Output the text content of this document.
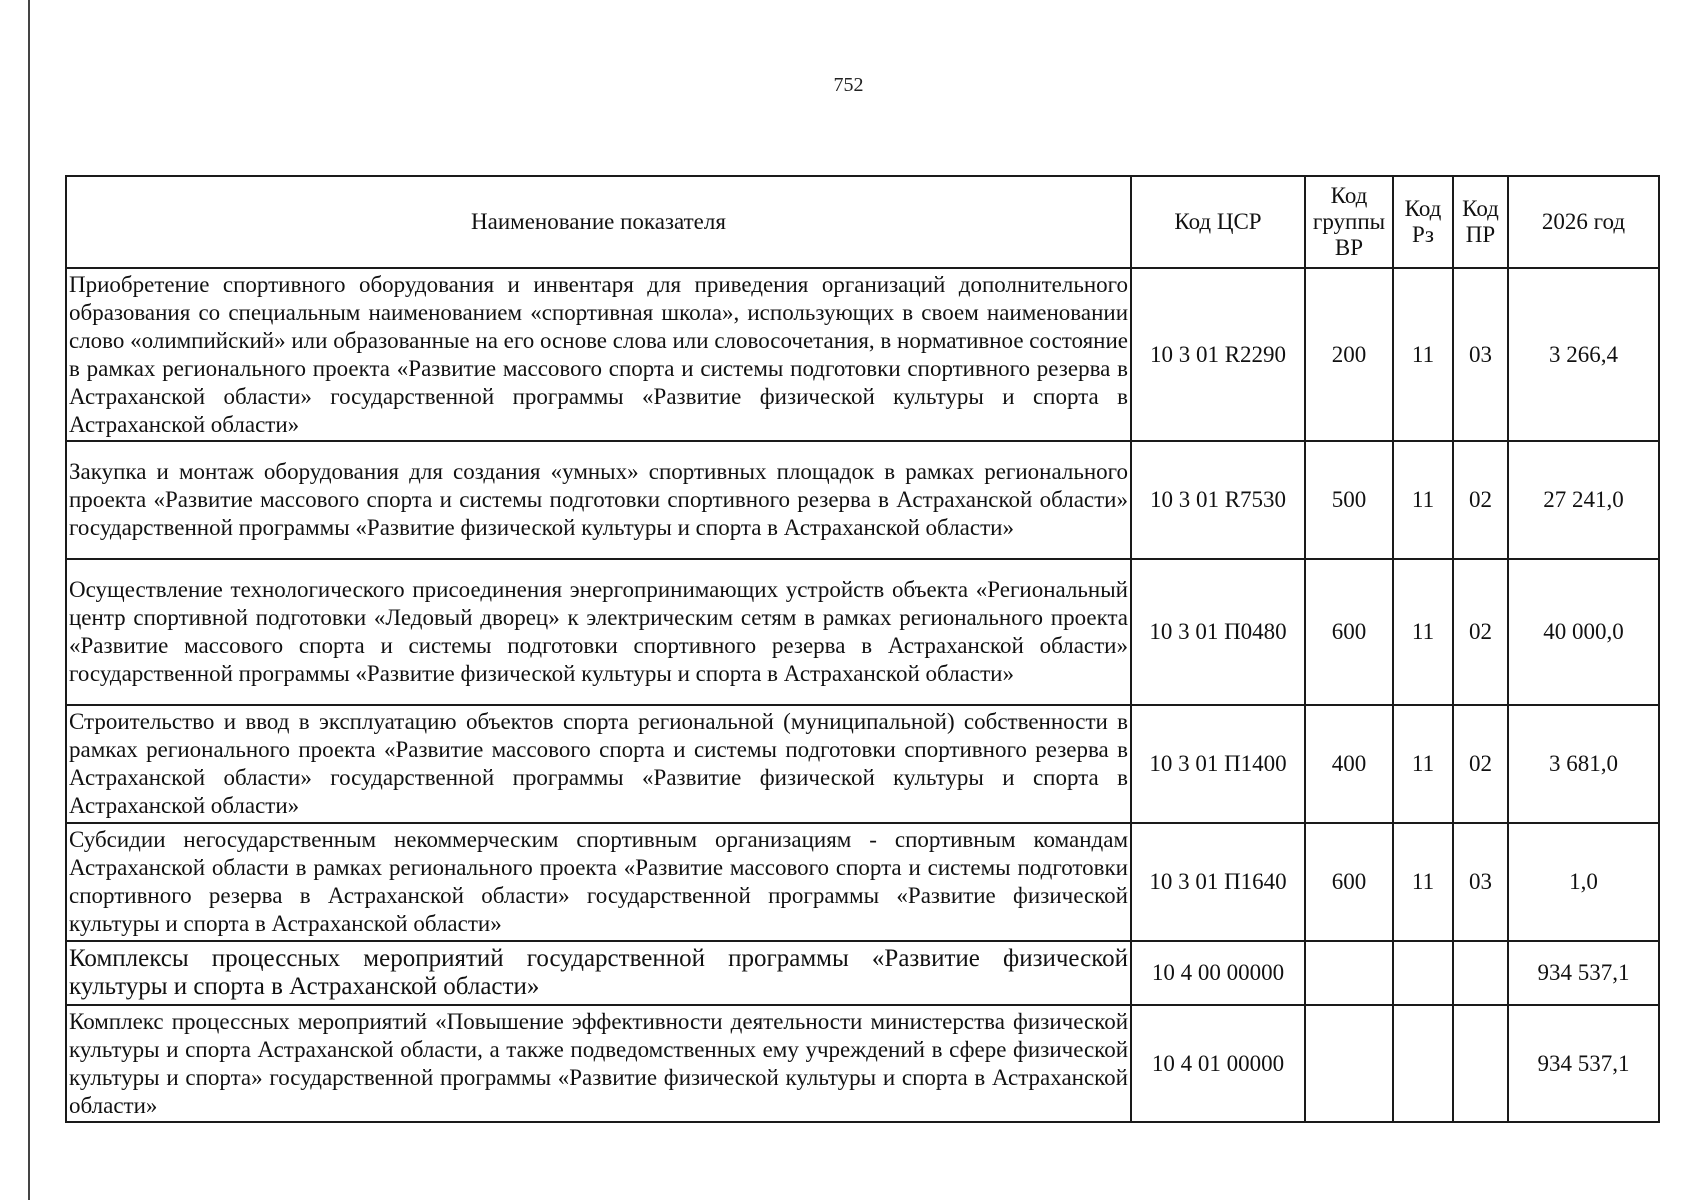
752
Наименование показателя	Код ЦСР	Код группы ВР	Код Рз	Код ПР	2026 год
Приобретение спортивного оборудования и инвентаря для приведения организаций дополнительного образования со специальным наименованием «спортивная школа», использующих в своем наименовании слово «олимпийский» или образованные на его основе слова или словосочетания, в нормативное состояние в рамках регионального проекта «Развитие массового спорта и системы подготовки спортивного резерва в Астраханской области» государственной программы «Развитие физической культуры и спорта в Астраханской области»	10 3 01 R2290	200	11	03	3 266,4
Закупка и монтаж оборудования для создания «умных» спортивных площадок в рамках регионального проекта «Развитие массового спорта и системы подготовки спортивного резерва в Астраханской области» государственной программы «Развитие физической культуры и спорта в Астраханской области»	10 3 01 R7530	500	11	02	27 241,0
Осуществление технологического присоединения энергопринимающих устройств объекта «Региональный центр спортивной подготовки «Ледовый дворец» к электрическим сетям в рамках регионального проекта «Развитие массового спорта и системы подготовки спортивного резерва в Астраханской области» государственной программы «Развитие физической культуры и спорта в Астраханской области»	10 3 01 П0480	600	11	02	40 000,0
Строительство и ввод в эксплуатацию объектов спорта региональной (муниципальной) собственности в рамках регионального проекта «Развитие массового спорта и системы подготовки спортивного резерва в Астраханской области» государственной программы «Развитие физической культуры и спорта в Астраханской области»	10 3 01 П1400	400	11	02	3 681,0
Субсидии негосударственным некоммерческим спортивным организациям - спортивным командам Астраханской области в рамках регионального проекта «Развитие массового спорта и системы подготовки спортивного резерва в Астраханской области» государственной программы «Развитие физической культуры и спорта в Астраханской области»	10 3 01 П1640	600	11	03	1,0
Комплексы процессных мероприятий государственной программы «Развитие физической культуры и спорта в Астраханской области»	10 4 00 00000				934 537,1
Комплекс процессных мероприятий «Повышение эффективности деятельности министерства физической культуры и спорта Астраханской области, а также подведомственных ему учреждений в сфере физической культуры и спорта» государственной программы «Развитие физической культуры и спорта в Астраханской области»	10 4 01 00000				934 537,1
